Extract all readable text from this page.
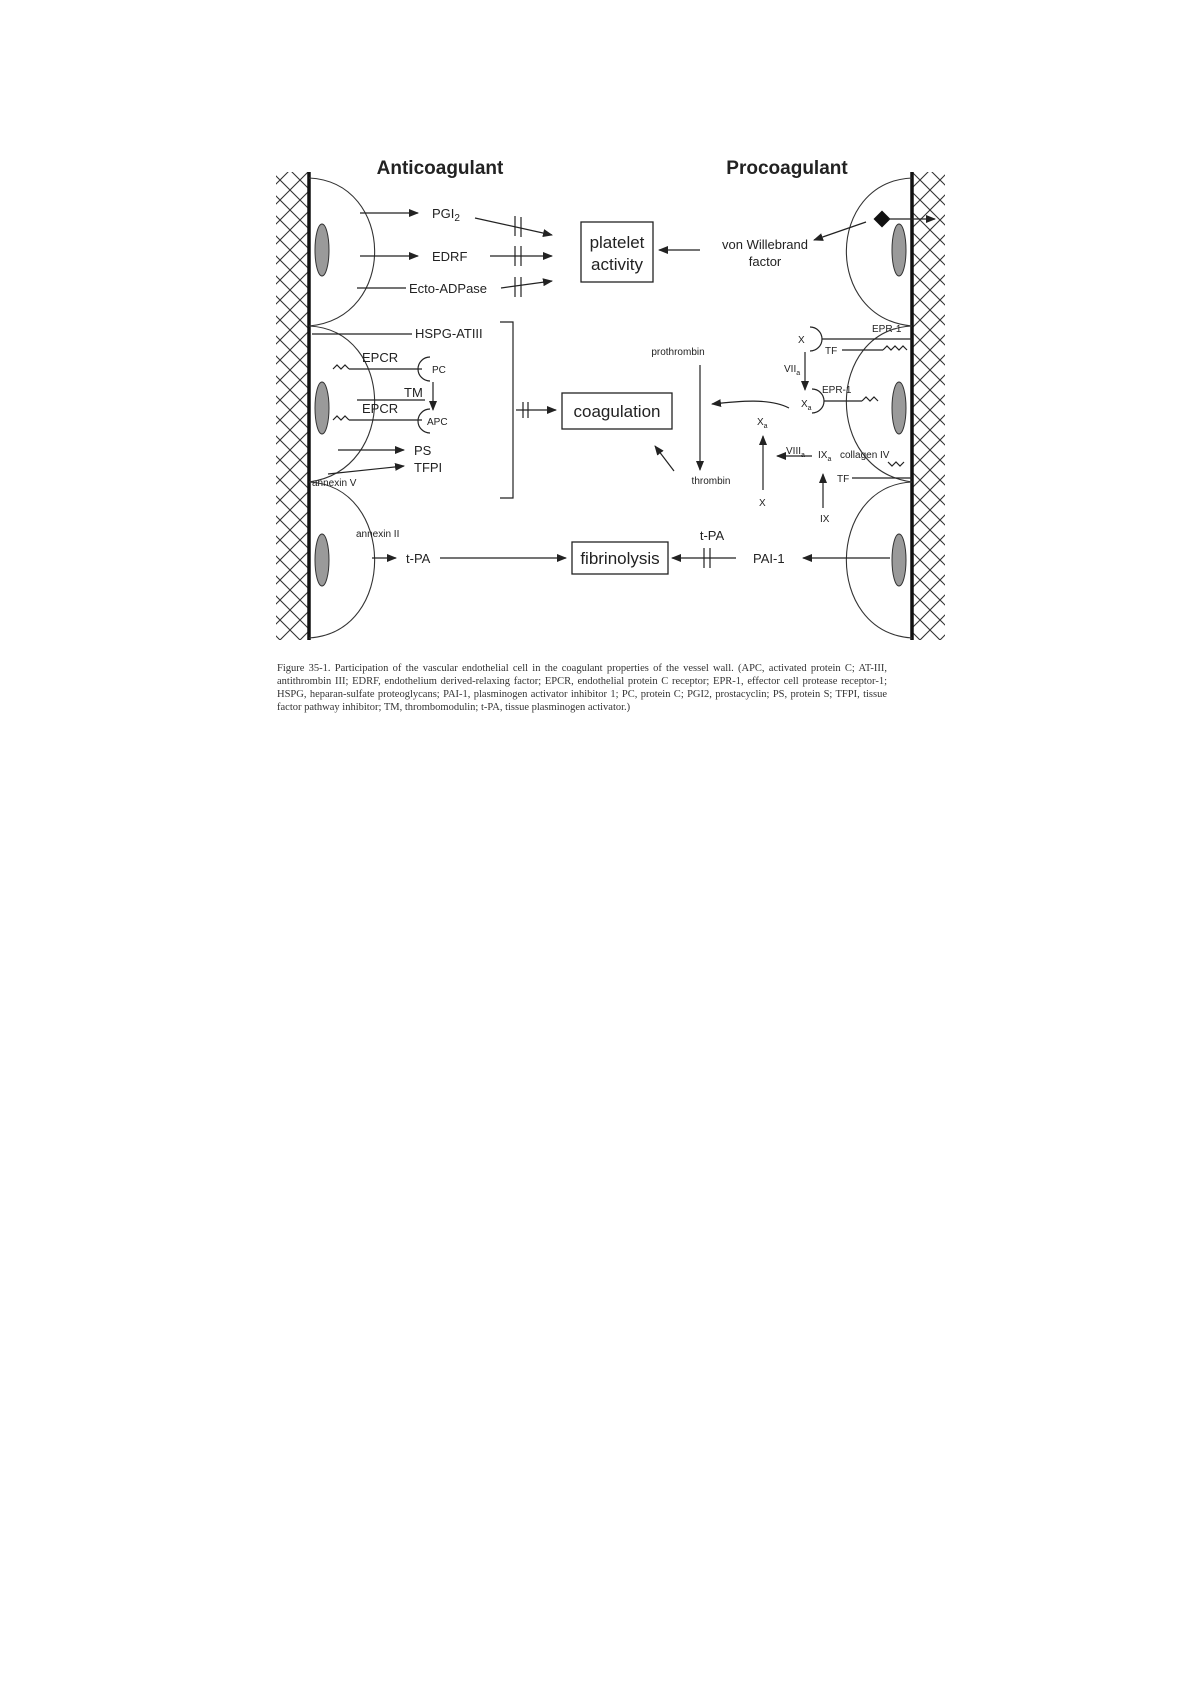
Anticoagulant	Procoagulant
platelet
activity
coagulation
fibrinolysis
$PGI_2$
EDRF
Ecto-ADPase
HSPG-ATIII
EPCR
PC
TM
EPCR
APC
PS
TFPI
annexin V
annexin II
t-PA
von Willebrand
factor
X
EPR-1
TF
prothrombin
$VII_a$
$X_a$
EPR-1
$X_a$
X
$VIII_a$ $IX_a$ collagen IV
TF
IX
thrombin
t-PA
PAI-1

Figure 35-1. Participation of the vascular endothelial cell in the coagulant properties of the vessel wall. (APC, activated protein C; AT-III, antithrombin III; EDRF, endothelium derived-relaxing factor; EPCR, endothelial protein C receptor; EPR-1, effector cell protease receptor-1; HSPG, heparan-sulfate proteoglycans; PAI-1, plasminogen activator inhibitor 1; PC, protein C; PGI2, prostacyclin; PS, protein S; TFPI, tissue factor pathway inhibitor; TM, thrombomodulin; t-PA, tissue plasminogen activator.)
